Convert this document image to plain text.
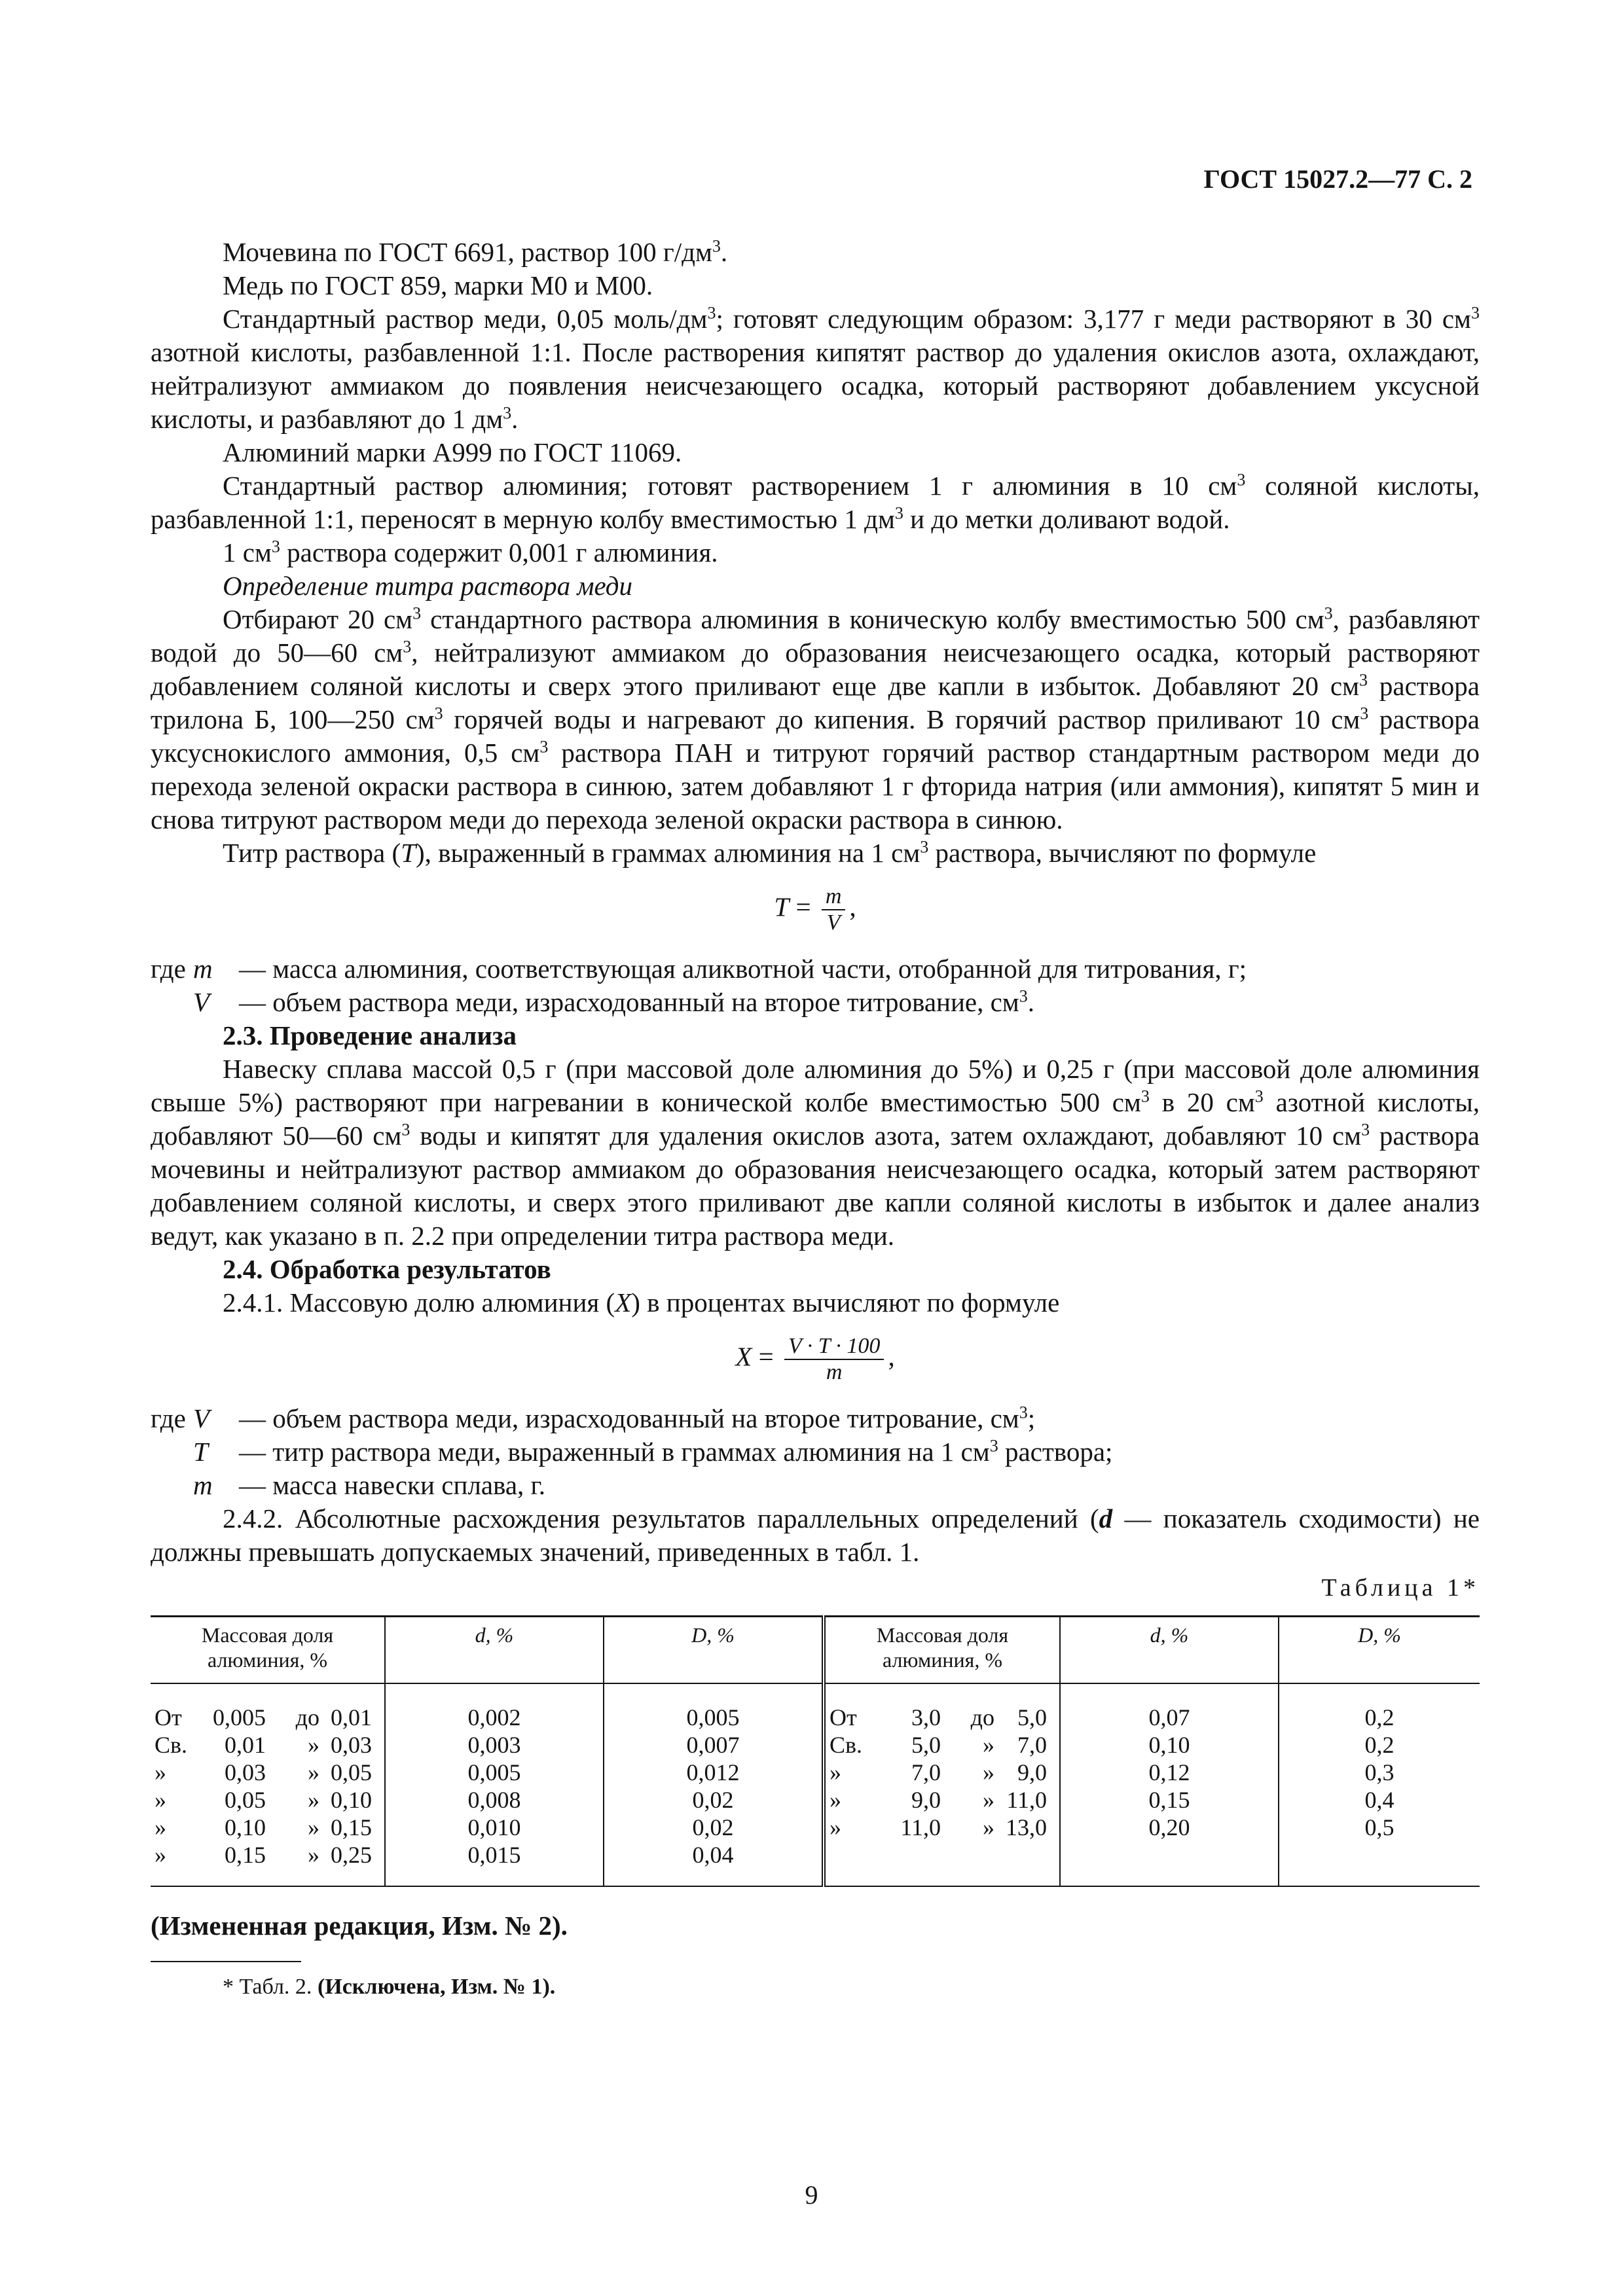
ГОСТ 15027.2—77 С. 2

Мочевина по ГОСТ 6691, раствор 100 $г/дм^3$.

Медь по ГОСТ 859, марки М0 и М00.

Стандартный раствор меди, 0,05 моль/$дм^3$; готовят следующим образом: 3,177 г меди растворяют в 30 $см^3$ азотной кислоты, разбавленной 1:1. После растворения кипятят раствор до удаления окислов азота, охлаждают, нейтрализуют аммиаком до появления неисчезающего осадка, который растворяют добавлением уксусной кислоты, и разбавляют до 1 $дм^3$.

Алюминий марки А999 по ГОСТ 11069.

Стандартный раствор алюминия; готовят растворением 1 г алюминия в 10 $см^3$ соляной кислоты, разбавленной 1:1, переносят в мерную колбу вместимостью 1 $дм^3$ и до метки доливают водой.

1 $см^3$ раствора содержит 0,001 г алюминия.

Определение титра раствора меди

Отбирают 20 $см^3$ стандартного раствора алюминия в коническую колбу вместимостью 500 $см^3$, разбавляют водой до 50—60 $см^3$, нейтрализуют аммиаком до образования неисчезающего осадка, который растворяют добавлением соляной кислоты и сверх этого приливают еще две капли в избыток. Добавляют 20 $см^3$ раствора трилона Б, 100—250 $см^3$ горячей воды и нагревают до кипения. В горячий раствор приливают 10 $см^3$ раствора уксуснокислого аммония, 0,5 $см^3$ раствора ПАН и титруют горячий раствор стандартным раствором меди до перехода зеленой окраски раствора в синюю, затем добавляют 1 г фторида натрия (или аммония), кипятят 5 мин и снова титруют раствором меди до перехода зеленой окраски раствора в синюю.

Титр раствора (T), выраженный в граммах алюминия на 1 $см^3$ раствора, вычисляют по формуле

$T = \frac{m}{V}$ ,
где m — масса алюминия, соответствующая аликвотной части, отобранной для титрования, г;
V	— объем раствора меди, израсходованный на второе титрование, $см^3$.

2.3. Проведение анализа

Навеску сплава массой 0,5 г (при массовой доле алюминия до 5%) и 0,25 г (при массовой доле алюминия свыше 5%) растворяют при нагревании в конической колбе вместимостью 500 $см^3$ в 20 $см^3$ азотной кислоты, добавляют 50—60 $см^3$ воды и кипятят для удаления окислов азота, затем охлаждают, добавляют 10 $см^3$ раствора мочевины и нейтрализуют раствор аммиаком до образования неисчезающего осадка, который затем растворяют добавлением соляной кислоты, и сверх этого приливают две капли соляной кислоты в избыток и далее анализ ведут, как указано в п. 2.2 при определении титра раствора меди.

2.4. Обработка результатов

2.4.1. Массовую долю алюминия (X) в процентах вычисляют по формуле

$X = \frac{V \cdot T \cdot 100}{m}$ ,
где V	— объем раствора меди, израсходованный на второе титрование, $см^3$;
T	— титр раствора меди, выраженный в граммах алюминия на 1 $см^3$ раствора;
m — масса навески сплава, г.

2.4.2. Абсолютные расхождения результатов параллельных определений (d — показатель сходимости) не должны превышать допускаемых значений, приведенных в табл. 1.

Таблица 1*
Массовая доля алюминия, %	d, %	D, %	Массовая доля алюминия, %	d, %	D, %

От 0,005 до 0,01	0,002	0,005	От 3,0 до 5,0	0,07	0,2

Св. 0,01 » 0,03	0,003	0,007	Св. 5,0 » 7,0	0,10	0,2

» 0,03 » 0,05	0,005	0,012	» 7,0 » 9,0	0,12	0,3

» 0,05 » 0,10	0,008	0,02	» 9,0 » 11,0	0,15	0,4

» 0,10 » 0,15	0,010	0,02	» 11,0 » 13,0	0,20	0,5

» 0,15 » 0,25	0,015	0,04			
(Измененная редакция, Изм. № 2).
* Табл. 2. (Исключена, Изм. № 1).
9
